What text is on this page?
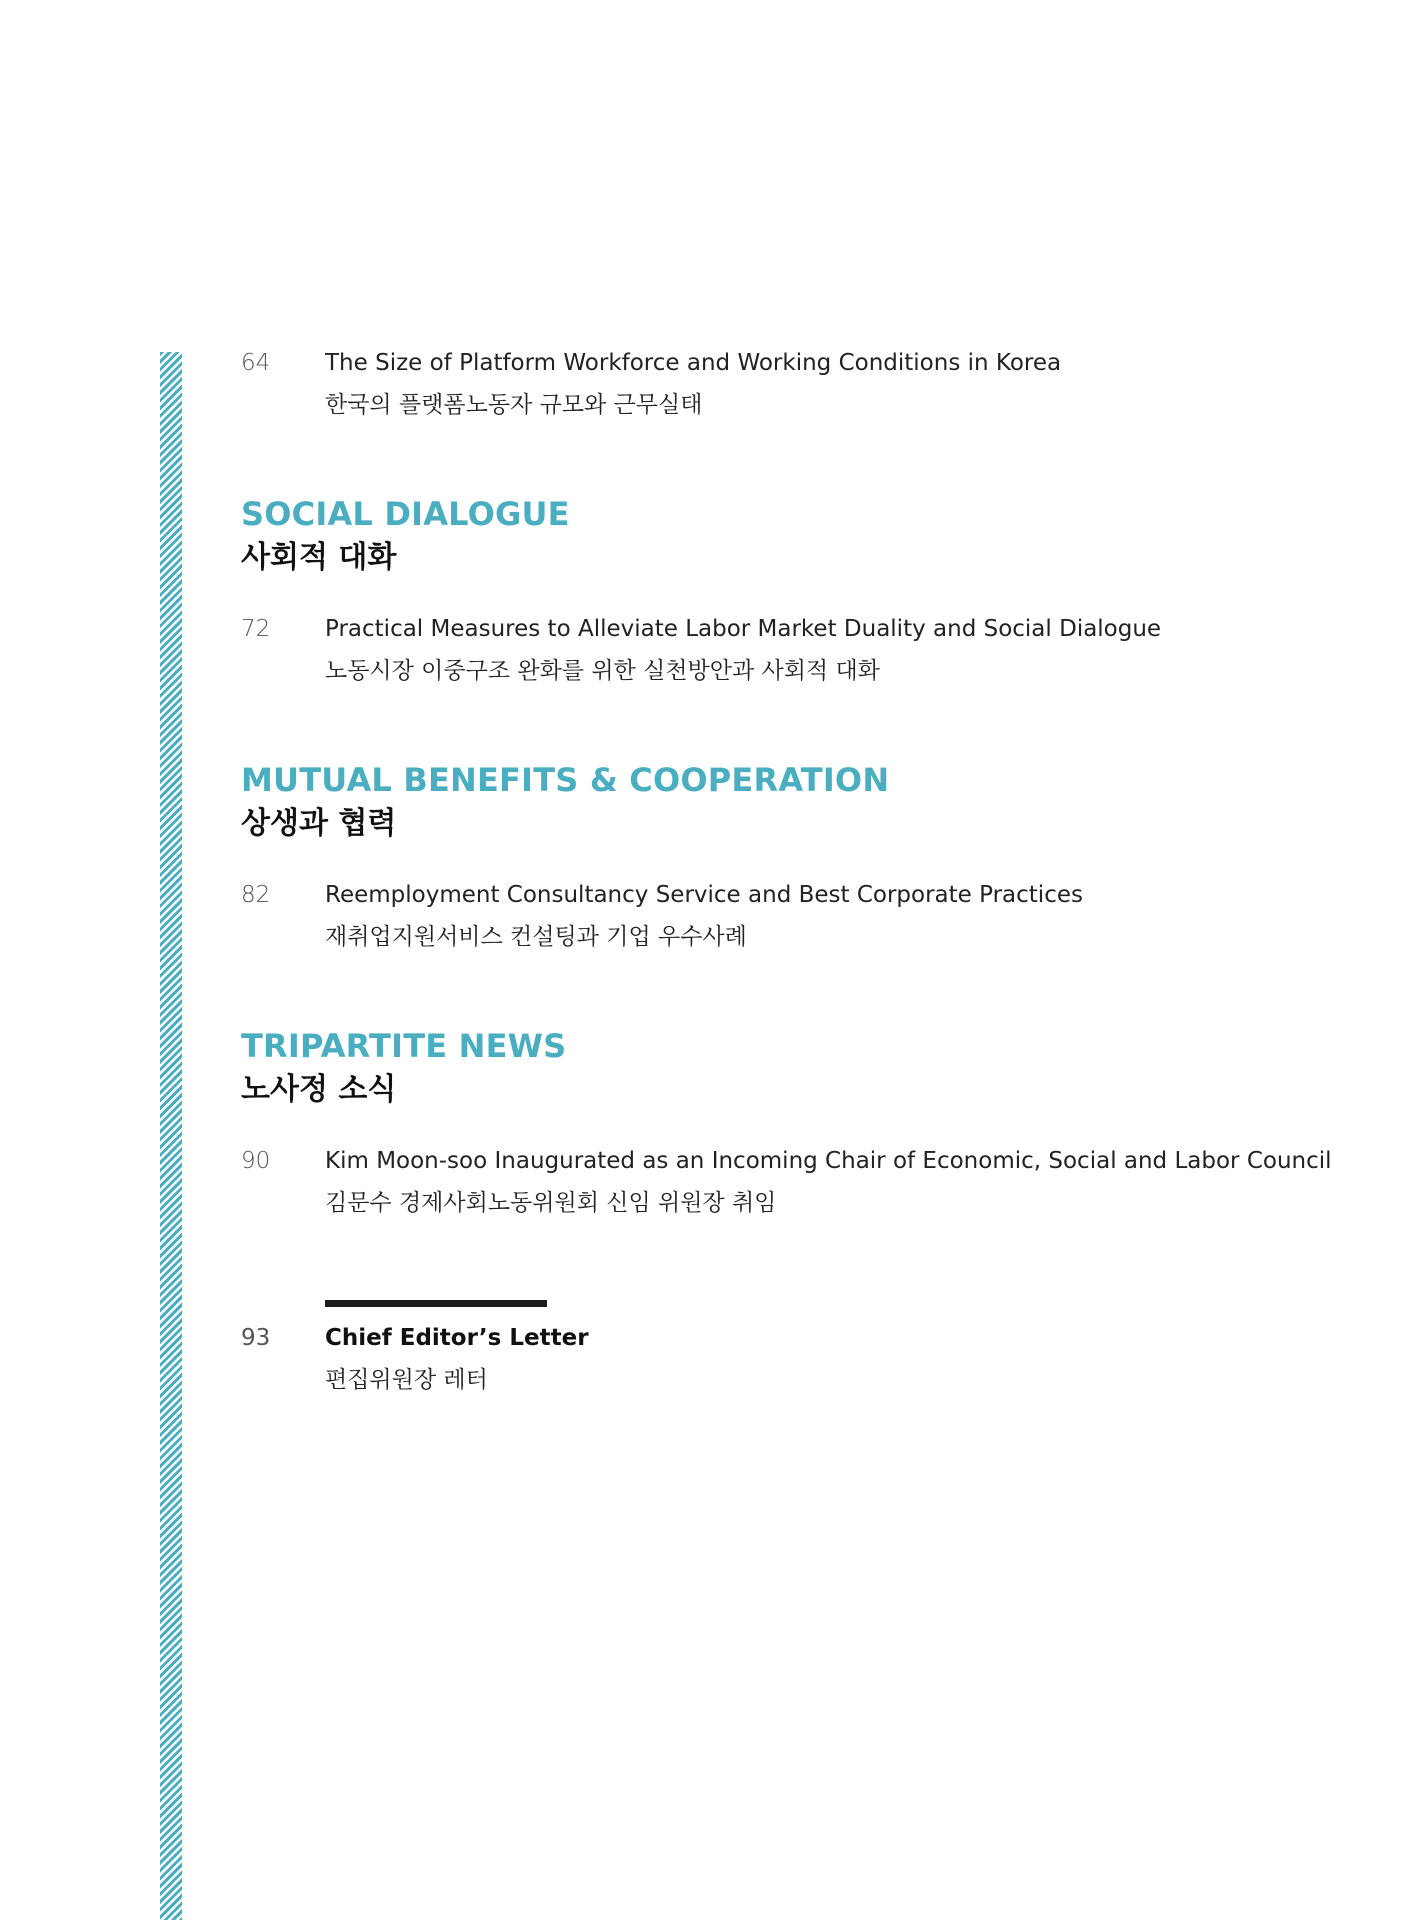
64 The Size of Platform Workforce and Working Conditions in Korea
한국의 플랫폼노동자 규모와 근무실태
SOCIAL DIALOGUE
사회적 대화
72 Practical Measures to Alleviate Labor Market Duality and Social Dialogue
노동시장 이중구조 완화를 위한 실천방안과 사회적 대화
MUTUAL BENEFITS & COOPERATION
상생과 협력
82 Reemployment Consultancy Service and Best Corporate Practices
재취업지원서비스 컨설팅과 기업 우수사례
TRIPARTITE NEWS
노사정 소식
90 Kim Moon-soo Inaugurated as an Incoming Chair of Economic, Social and Labor Council
김문수 경제사회노동위원회 신임 위원장 취임
93 Chief Editor’s Letter
편집위원장 레터
